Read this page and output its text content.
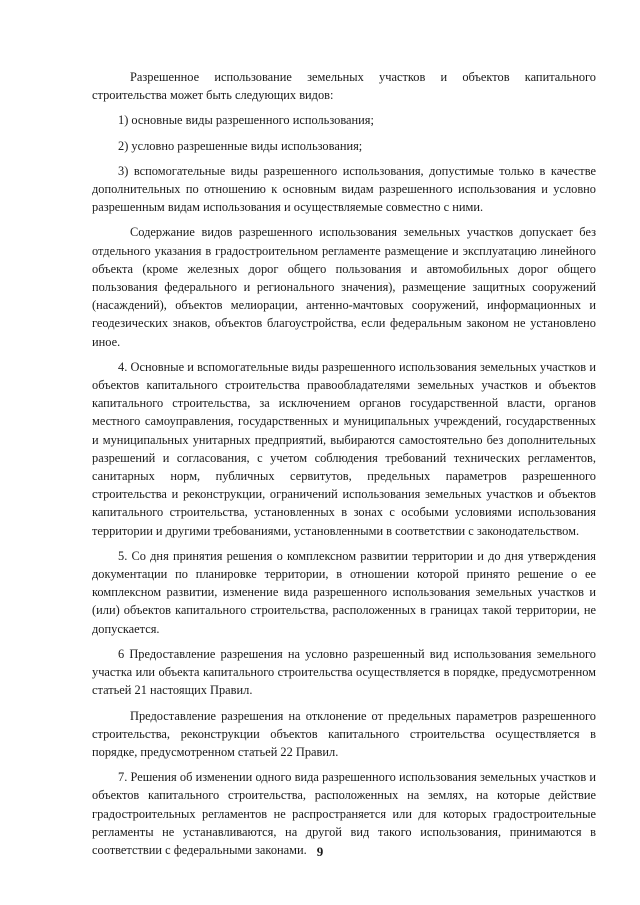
Разрешенное использование земельных участков и объектов капитального строительства может быть следующих видов:

1) основные виды разрешенного использования;

2) условно разрешенные виды использования;

3) вспомогательные виды разрешенного использования, допустимые только в качестве дополнительных по отношению к основным видам разрешенного использования и условно разрешенным видам использования и осуществляемые совместно с ними.

Содержание видов разрешенного использования земельных участков допускает без отдельного указания в градостроительном регламенте размещение и эксплуатацию линейного объекта (кроме железных дорог общего пользования и автомобильных дорог общего пользования федерального и регионального значения), размещение защитных сооружений (насаждений), объектов мелиорации, антенно-мачтовых сооружений, информационных и геодезических знаков, объектов благоустройства, если федеральным законом не установлено иное.

4. Основные и вспомогательные виды разрешенного использования земельных участков и объектов капитального строительства правообладателями земельных участков и объектов капитального строительства, за исключением органов государственной власти, органов местного самоуправления, государственных и муниципальных учреждений, государственных и муниципальных унитарных предприятий, выбираются самостоятельно без дополнительных разрешений и согласования, с учетом соблюдения требований технических регламентов, санитарных норм, публичных сервитутов, предельных параметров разрешенного строительства и реконструкции, ограничений использования земельных участков и объектов капитального строительства, установленных в зонах с особыми условиями использования территории и другими требованиями, установленными в соответствии с законодательством.

5. Со дня принятия решения о комплексном развитии территории и до дня утверждения документации по планировке территории, в отношении которой принято решение о ее комплексном развитии, изменение вида разрешенного использования земельных участков и (или) объектов капитального строительства, расположенных в границах такой территории, не допускается.

6 Предоставление разрешения на условно разрешенный вид использования земельного участка или объекта капитального строительства осуществляется в порядке, предусмотренном статьей 21 настоящих Правил.

Предоставление разрешения на отклонение от предельных параметров разрешенного строительства, реконструкции объектов капитального строительства осуществляется в порядке, предусмотренном статьей 22 Правил.

7. Решения об изменении одного вида разрешенного использования земельных участков и объектов капитального строительства, расположенных на землях, на которые действие градостроительных регламентов не распространяется или для которых градостроительные регламенты не устанавливаются, на другой вид такого использования, принимаются в соответствии с федеральными законами. 9
